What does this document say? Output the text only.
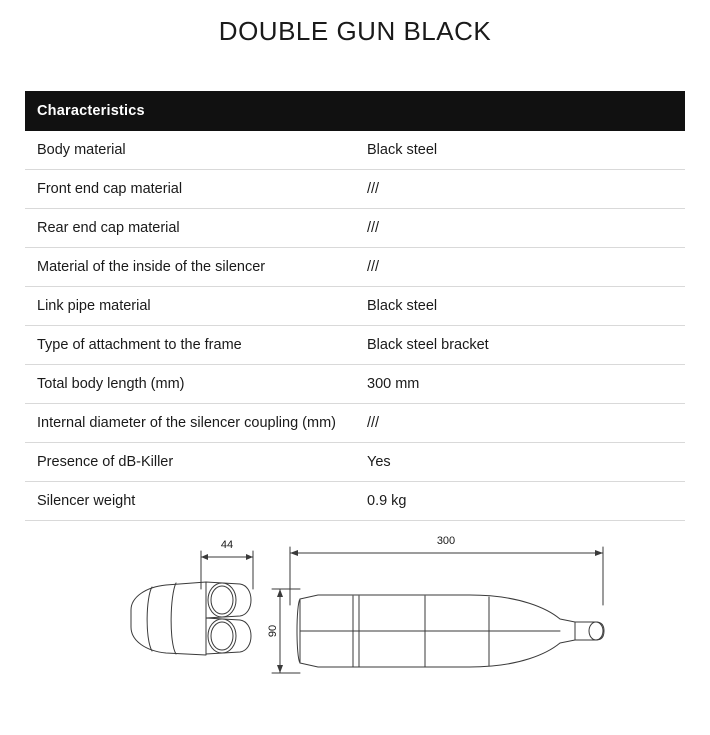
DOUBLE GUN BLACK
Characteristics	
Body material	Black steel
Front end cap material	///
Rear end cap material	///
Material of the inside of the silencer	///
Link pipe material	Black steel
Type of attachment to the frame	Black steel bracket
Total body length (mm)	300 mm
Internal diameter of the silencer coupling (mm)	///
Presence of dB-Killer	Yes
Silencer weight	0.9 kg
44	300
90
